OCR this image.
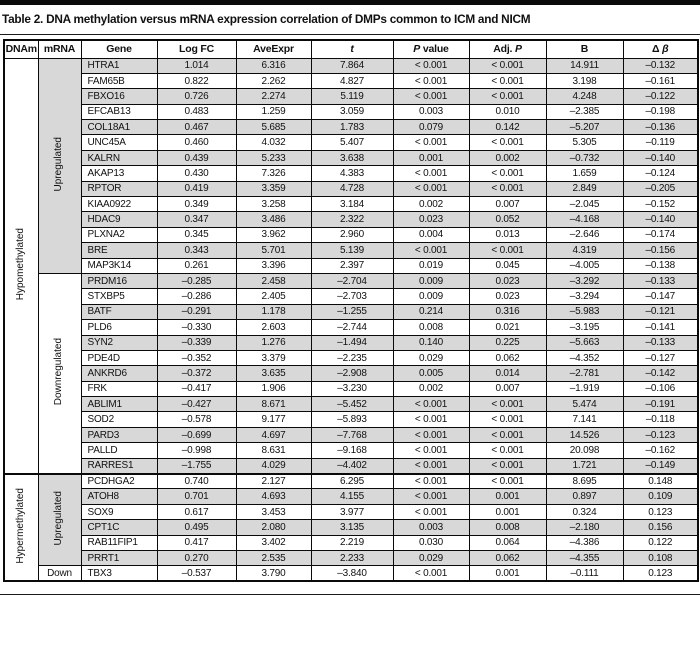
Table 2. DNA methylation versus mRNA expression correlation of DMPs common to ICM and NICM
DNAm	mRNA	Gene	Log FC	AveExpr	t	P value	Adj. P	B	Δ β
Hypomethylated	Upregulated	HTRA1	1.014	6.316	7.864	< 0.001	< 0.001	14.911	–0.132
		FAM65B	0.822	2.262	4.827	< 0.001	< 0.001	3.198	–0.161
		FBXO16	0.726	2.274	5.119	< 0.001	< 0.001	4.248	–0.122
		EFCAB13	0.483	1.259	3.059	0.003	0.010	–2.385	–0.198
		COL18A1	0.467	5.685	1.783	0.079	0.142	–5.207	–0.136
		UNC45A	0.460	4.032	5.407	< 0.001	< 0.001	5.305	–0.119
		KALRN	0.439	5.233	3.638	0.001	0.002	–0.732	–0.140
		AKAP13	0.430	7.326	4.383	< 0.001	< 0.001	1.659	–0.124
		RPTOR	0.419	3.359	4.728	< 0.001	< 0.001	2.849	–0.205
		KIAA0922	0.349	3.258	3.184	0.002	0.007	–2.045	–0.152
		HDAC9	0.347	3.486	2.322	0.023	0.052	–4.168	–0.140
		PLXNA2	0.345	3.962	2.960	0.004	0.013	–2.646	–0.174
		BRE	0.343	5.701	5.139	< 0.001	< 0.001	4.319	–0.156
		MAP3K14	0.261	3.396	2.397	0.019	0.045	–4.005	–0.138
	Downregulated	PRDM16	–0.285	2.458	–2.704	0.009	0.023	–3.292	–0.133
		STXBP5	–0.286	2.405	–2.703	0.009	0.023	–3.294	–0.147
		BATF	–0.291	1.178	–1.255	0.214	0.316	–5.983	–0.121
		PLD6	–0.330	2.603	–2.744	0.008	0.021	–3.195	–0.141
		SYN2	–0.339	1.276	–1.494	0.140	0.225	–5.663	–0.133
		PDE4D	–0.352	3.379	–2.235	0.029	0.062	–4.352	–0.127
		ANKRD6	–0.372	3.635	–2.908	0.005	0.014	–2.781	–0.142
		FRK	–0.417	1.906	–3.230	0.002	0.007	–1.919	–0.106
		ABLIM1	–0.427	8.671	–5.452	< 0.001	< 0.001	5.474	–0.191
		SOD2	–0.578	9.177	–5.893	< 0.001	< 0.001	7.141	–0.118
		PARD3	–0.699	4.697	–7.768	< 0.001	< 0.001	14.526	–0.123
		PALLD	–0.998	8.631	–9.168	< 0.001	< 0.001	20.098	–0.162
		RARRES1	–1.755	4.029	–4.402	< 0.001	< 0.001	1.721	–0.149
Hypermethylated	Upregulated	PCDHGA2	0.740	2.127	6.295	< 0.001	< 0.001	8.695	0.148
		ATOH8	0.701	4.693	4.155	< 0.001	0.001	0.897	0.109
		SOX9	0.617	3.453	3.977	< 0.001	0.001	0.324	0.123
		CPT1C	0.495	2.080	3.135	0.003	0.008	–2.180	0.156
		RAB11FIP1	0.417	3.402	2.219	0.030	0.064	–4.386	0.122
		PRRT1	0.270	2.535	2.233	0.029	0.062	–4.355	0.108
	Down	TBX3	–0.537	3.790	–3.840	< 0.001	0.001	–0.111	0.123
